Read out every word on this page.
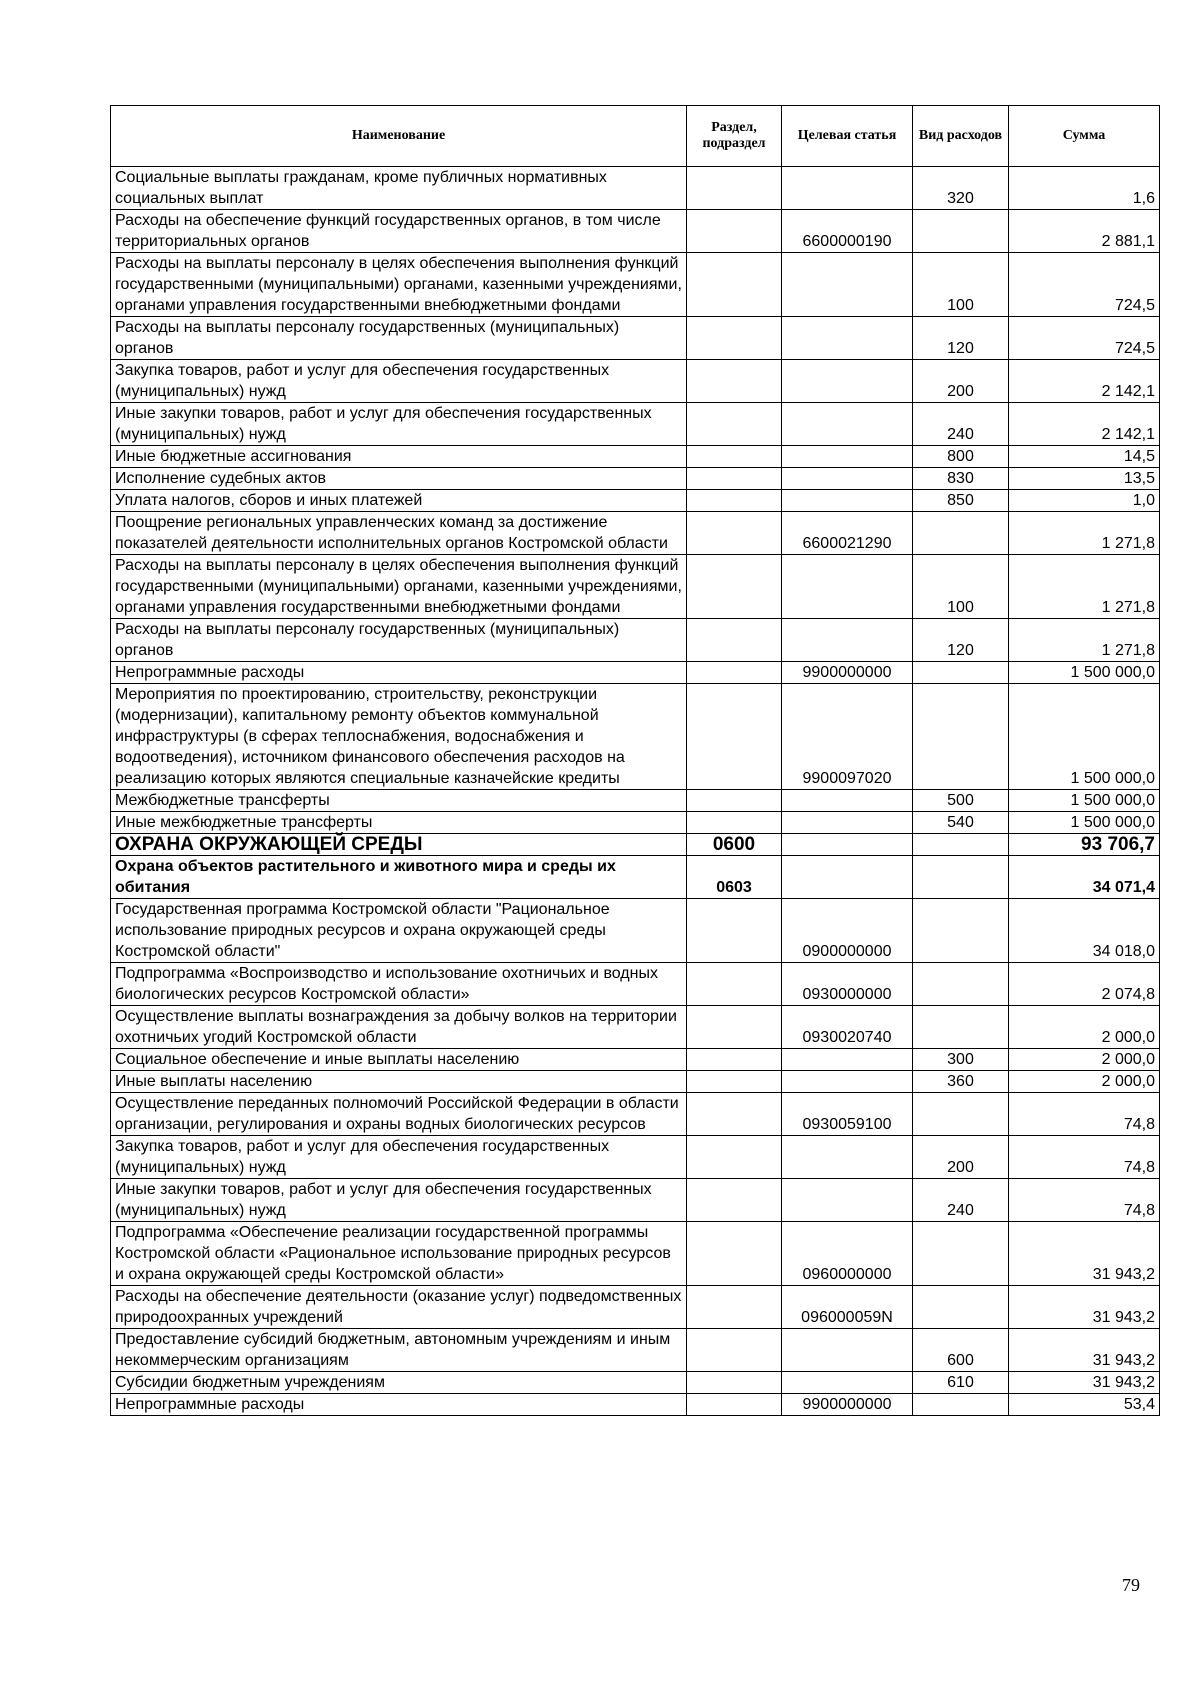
Наименование	Раздел, подраздел	Целевая статья	Вид расходов	Сумма
Социальные выплаты гражданам, кроме публичных нормативных социальных выплат			320	1,6
Расходы на обеспечение функций государственных органов, в том числе территориальных органов		6600000190		2 881,1
Расходы на выплаты персоналу в целях обеспечения выполнения функций государственными (муниципальными) органами, казенными учреждениями, органами управления государственными внебюджетными фондами			100	724,5
Расходы на выплаты персоналу государственных (муниципальных) органов			120	724,5
Закупка товаров, работ и услуг для обеспечения государственных (муниципальных) нужд			200	2 142,1
Иные закупки товаров, работ и услуг для обеспечения государственных (муниципальных) нужд			240	2 142,1
Иные бюджетные ассигнования			800	14,5
Исполнение судебных актов			830	13,5
Уплата налогов, сборов и иных платежей			850	1,0
Поощрение региональных управленческих команд за достижение показателей деятельности исполнительных органов Костромской области		6600021290		1 271,8
Расходы на выплаты персоналу в целях обеспечения выполнения функций государственными (муниципальными) органами, казенными учреждениями, органами управления государственными внебюджетными фондами			100	1 271,8
Расходы на выплаты персоналу государственных (муниципальных) органов			120	1 271,8
Непрограммные расходы		9900000000		1 500 000,0
Мероприятия по проектированию, строительству, реконструкции (модернизации), капитальному ремонту объектов коммунальной инфраструктуры (в сферах теплоснабжения, водоснабжения и водоотведения), источником финансового обеспечения расходов на реализацию которых являются специальные казначейские кредиты		9900097020		1 500 000,0
Межбюджетные трансферты			500	1 500 000,0
Иные межбюджетные трансферты			540	1 500 000,0
ОХРАНА ОКРУЖАЮЩЕЙ СРЕДЫ	0600			93 706,7
Охрана объектов растительного и животного мира и среды их обитания	0603			34 071,4
Государственная программа Костромской области "Рациональное использование природных ресурсов и охрана окружающей среды Костромской области"		0900000000		34 018,0
Подпрограмма «Воспроизводство и использование охотничьих и водных биологических ресурсов Костромской области»		0930000000		2 074,8
Осуществление выплаты вознаграждения за добычу волков на территории охотничьих угодий Костромской области		0930020740		2 000,0
Социальное обеспечение и иные выплаты населению			300	2 000,0
Иные выплаты населению			360	2 000,0
Осуществление переданных полномочий Российской Федерации в области организации, регулирования и охраны водных биологических ресурсов		0930059100		74,8
Закупка товаров, работ и услуг для обеспечения государственных (муниципальных) нужд			200	74,8
Иные закупки товаров, работ и услуг для обеспечения государственных (муниципальных) нужд			240	74,8
Подпрограмма «Обеспечение реализации государственной программы Костромской области «Рациональное использование природных ресурсов и охрана окружающей среды Костромской области»		0960000000		31 943,2
Расходы на обеспечение деятельности (оказание услуг) подведомственных природоохранных учреждений		096000059N		31 943,2
Предоставление субсидий бюджетным, автономным учреждениям и иным некоммерческим организациям			600	31 943,2
Субсидии бюджетным учреждениям			610	31 943,2
Непрограммные расходы		9900000000		53,4
79
